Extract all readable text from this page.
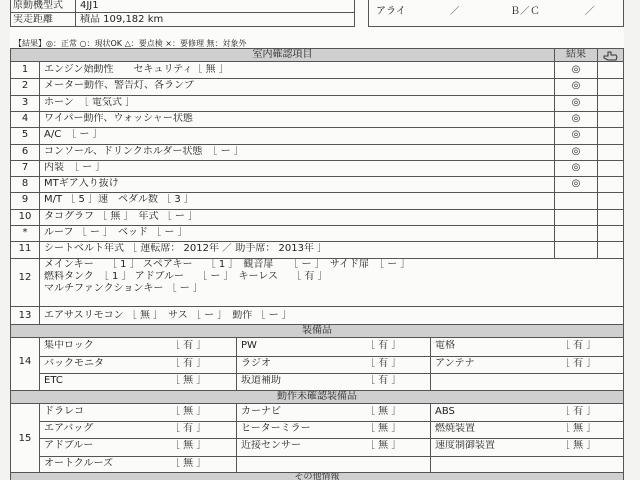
原動機型式	4JJ1
実走距離	積品 109,182 km
アライ	／	Ｂ／Ｃ	／
【結果】◎：正常 ○：現状OK △：要点検 ×：要修理 無：対象外
室内確認項目	結果
1	エンジン始動性　　セキュリティ［ 無 ］	◎
2	メーター動作、警告灯、各ランプ	◎
3	ホーン　［ 電気式 ］	◎
4	ワイパー動作、ウォッシャー状態	◎
5	A/C　［ ー ］	◎
6	コンソール、ドリンクホルダー状態　［ ー ］	◎
7	内装　［ ー ］	◎
8	MTギア入り抜け	◎
9	M/T ［ 5 ］速　ペダル数 ［ 3 ］
10	タコグラフ ［ 無 ］　年式 ［ ー ］
*	ルーフ ［ ー ］　ベッド ［ ー ］
11	シートベルト年式 ［ 運転席： 2012年 ／ 助手席： 2013年 ］
12
メインキー　 ［ 1 ］ スペアキー　 ［ 1 ］　観音扉　　［ ー ］　サイド扉　［ ー ］
燃料タンク　［ 1 ］ アドブルー　 ［ ー ］　キーレス　 ［ 有 ］
マルチファンクションキー ［ ー ］
13	エアサスリモコン ［ 無 ］　サス ［ ー ］　動作 ［ ー ］
装備品
14
集中ロック	［ 有 ］	PW	［ 有 ］	電格	［ 有 ］
バックモニタ	［ 有 ］	ラジオ	［ 有 ］	アンテナ	［ 有 ］
ETC	［ 無 ］	坂道補助	［ 有 ］
動作未確認装備品
15
ドラレコ	［ 無 ］	カーナビ	［ 無 ］	ABS	［ 有 ］
エアバッグ	［ 有 ］	ヒーターミラー	［ 無 ］	燃焼装置	［ 無 ］
アドブルー	［ 無 ］	近接センサー	［ 無 ］	速度制御装置	［ 無 ］
オートクルーズ	［ 無 ］
その他情報
